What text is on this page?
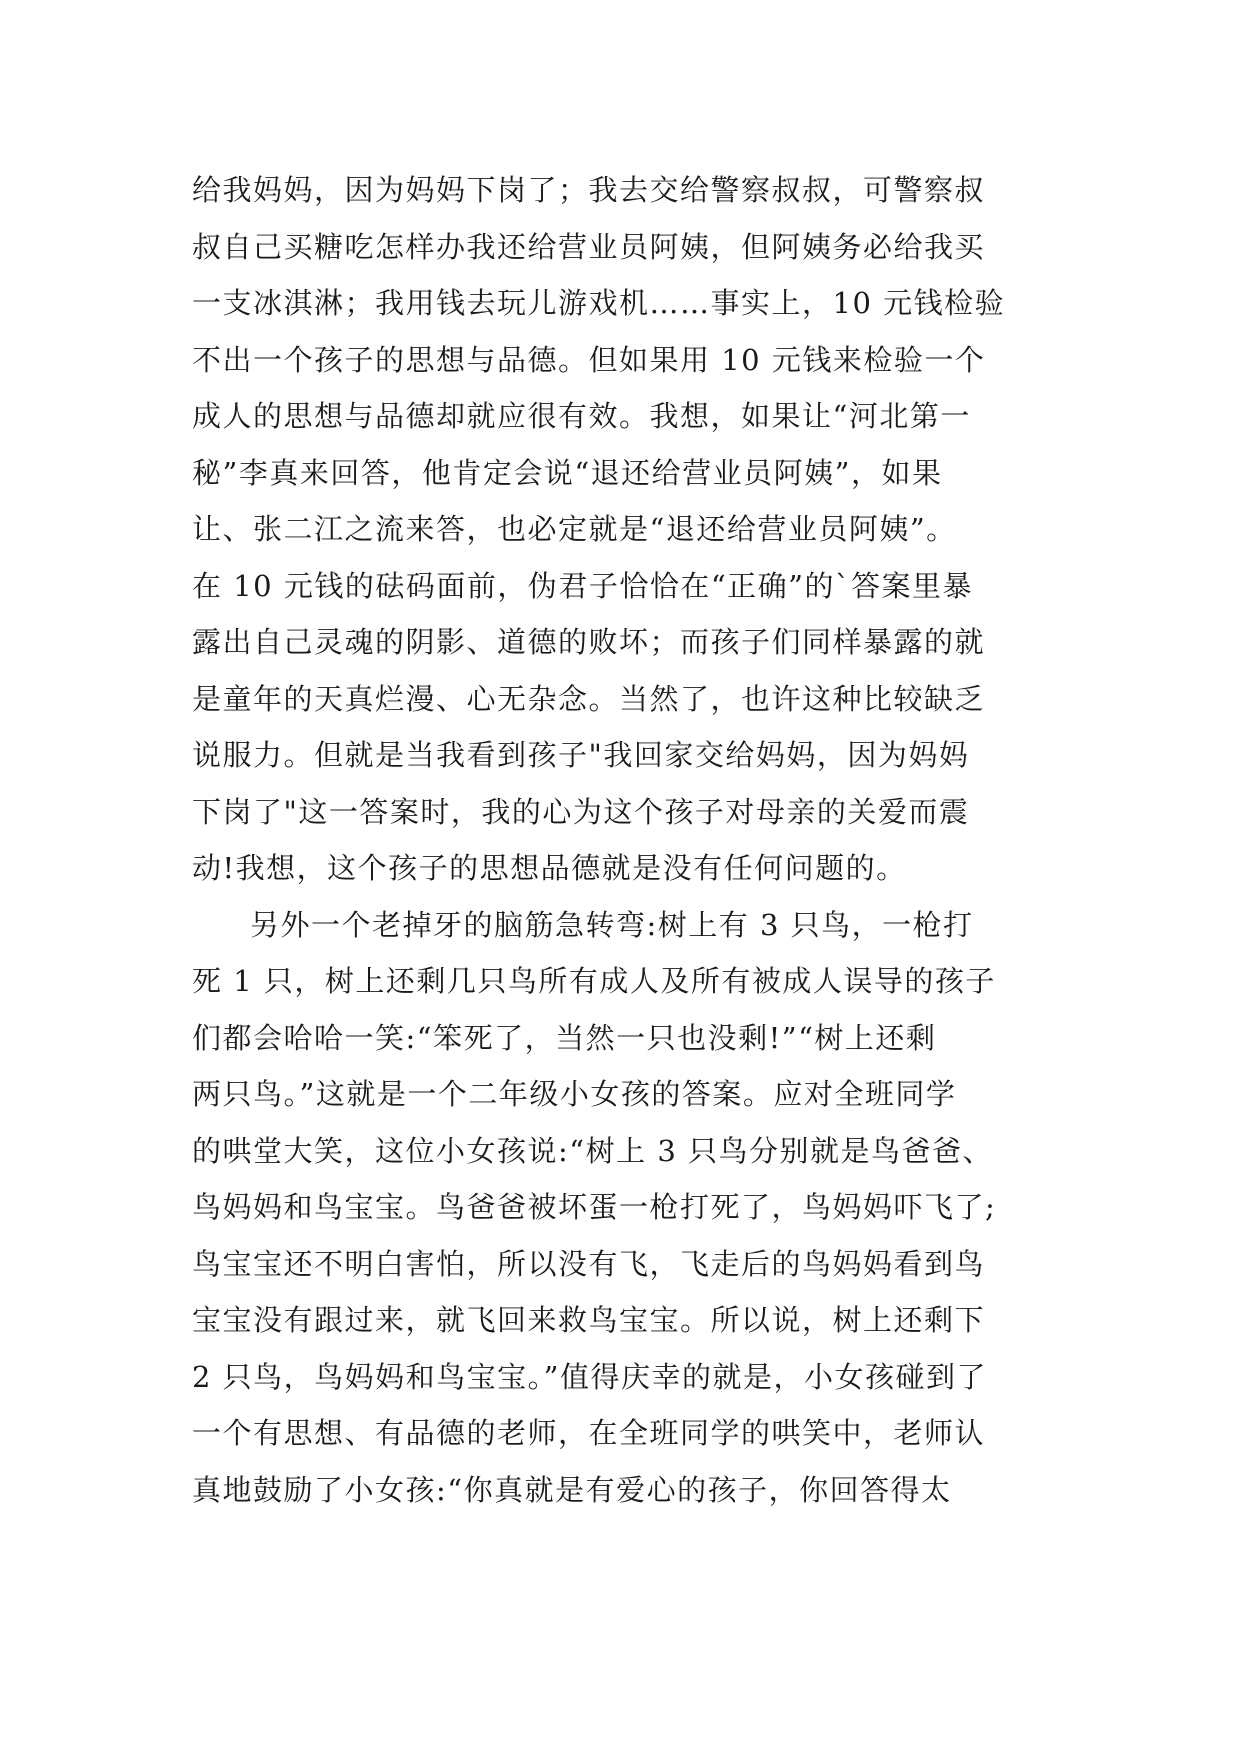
给我妈妈，因为妈妈下岗了；我去交给警察叔叔，可警察叔
叔自己买糖吃怎样办我还给营业员阿姨，但阿姨务必给我买
一支冰淇淋；我用钱去玩儿游戏机……事实上，10 元钱检验
不出一个孩子的思想与品德。但如果用 10 元钱来检验一个
成人的思想与品德却就应很有效。我想，如果让“河北第一
秘”李真来回答，他肯定会说“退还给营业员阿姨”，如果
让、张二江之流来答，也必定就是“退还给营业员阿姨”。
在 10 元钱的砝码面前，伪君子恰恰在“正确”的`答案里暴
露出自己灵魂的阴影、道德的败坏；而孩子们同样暴露的就
是童年的天真烂漫、心无杂念。当然了，也许这种比较缺乏
说服力。但就是当我看到孩子"我回家交给妈妈，因为妈妈
下岗了"这一答案时，我的心为这个孩子对母亲的关爱而震
动!我想，这个孩子的思想品德就是没有任何问题的。
另外一个老掉牙的脑筋急转弯:树上有 3 只鸟，一枪打
死 1 只，树上还剩几只鸟所有成人及所有被成人误导的孩子
们都会哈哈一笑:“笨死了，当然一只也没剩!”“树上还剩
两只鸟。”这就是一个二年级小女孩的答案。应对全班同学
的哄堂大笑，这位小女孩说:“树上 3 只鸟分别就是鸟爸爸、
鸟妈妈和鸟宝宝。鸟爸爸被坏蛋一枪打死了，鸟妈妈吓飞了;
鸟宝宝还不明白害怕，所以没有飞，飞走后的鸟妈妈看到鸟
宝宝没有跟过来，就飞回来救鸟宝宝。所以说，树上还剩下
2 只鸟，鸟妈妈和鸟宝宝。”值得庆幸的就是，小女孩碰到了
一个有思想、有品德的老师，在全班同学的哄笑中，老师认
真地鼓励了小女孩:“你真就是有爱心的孩子，你回答得太
